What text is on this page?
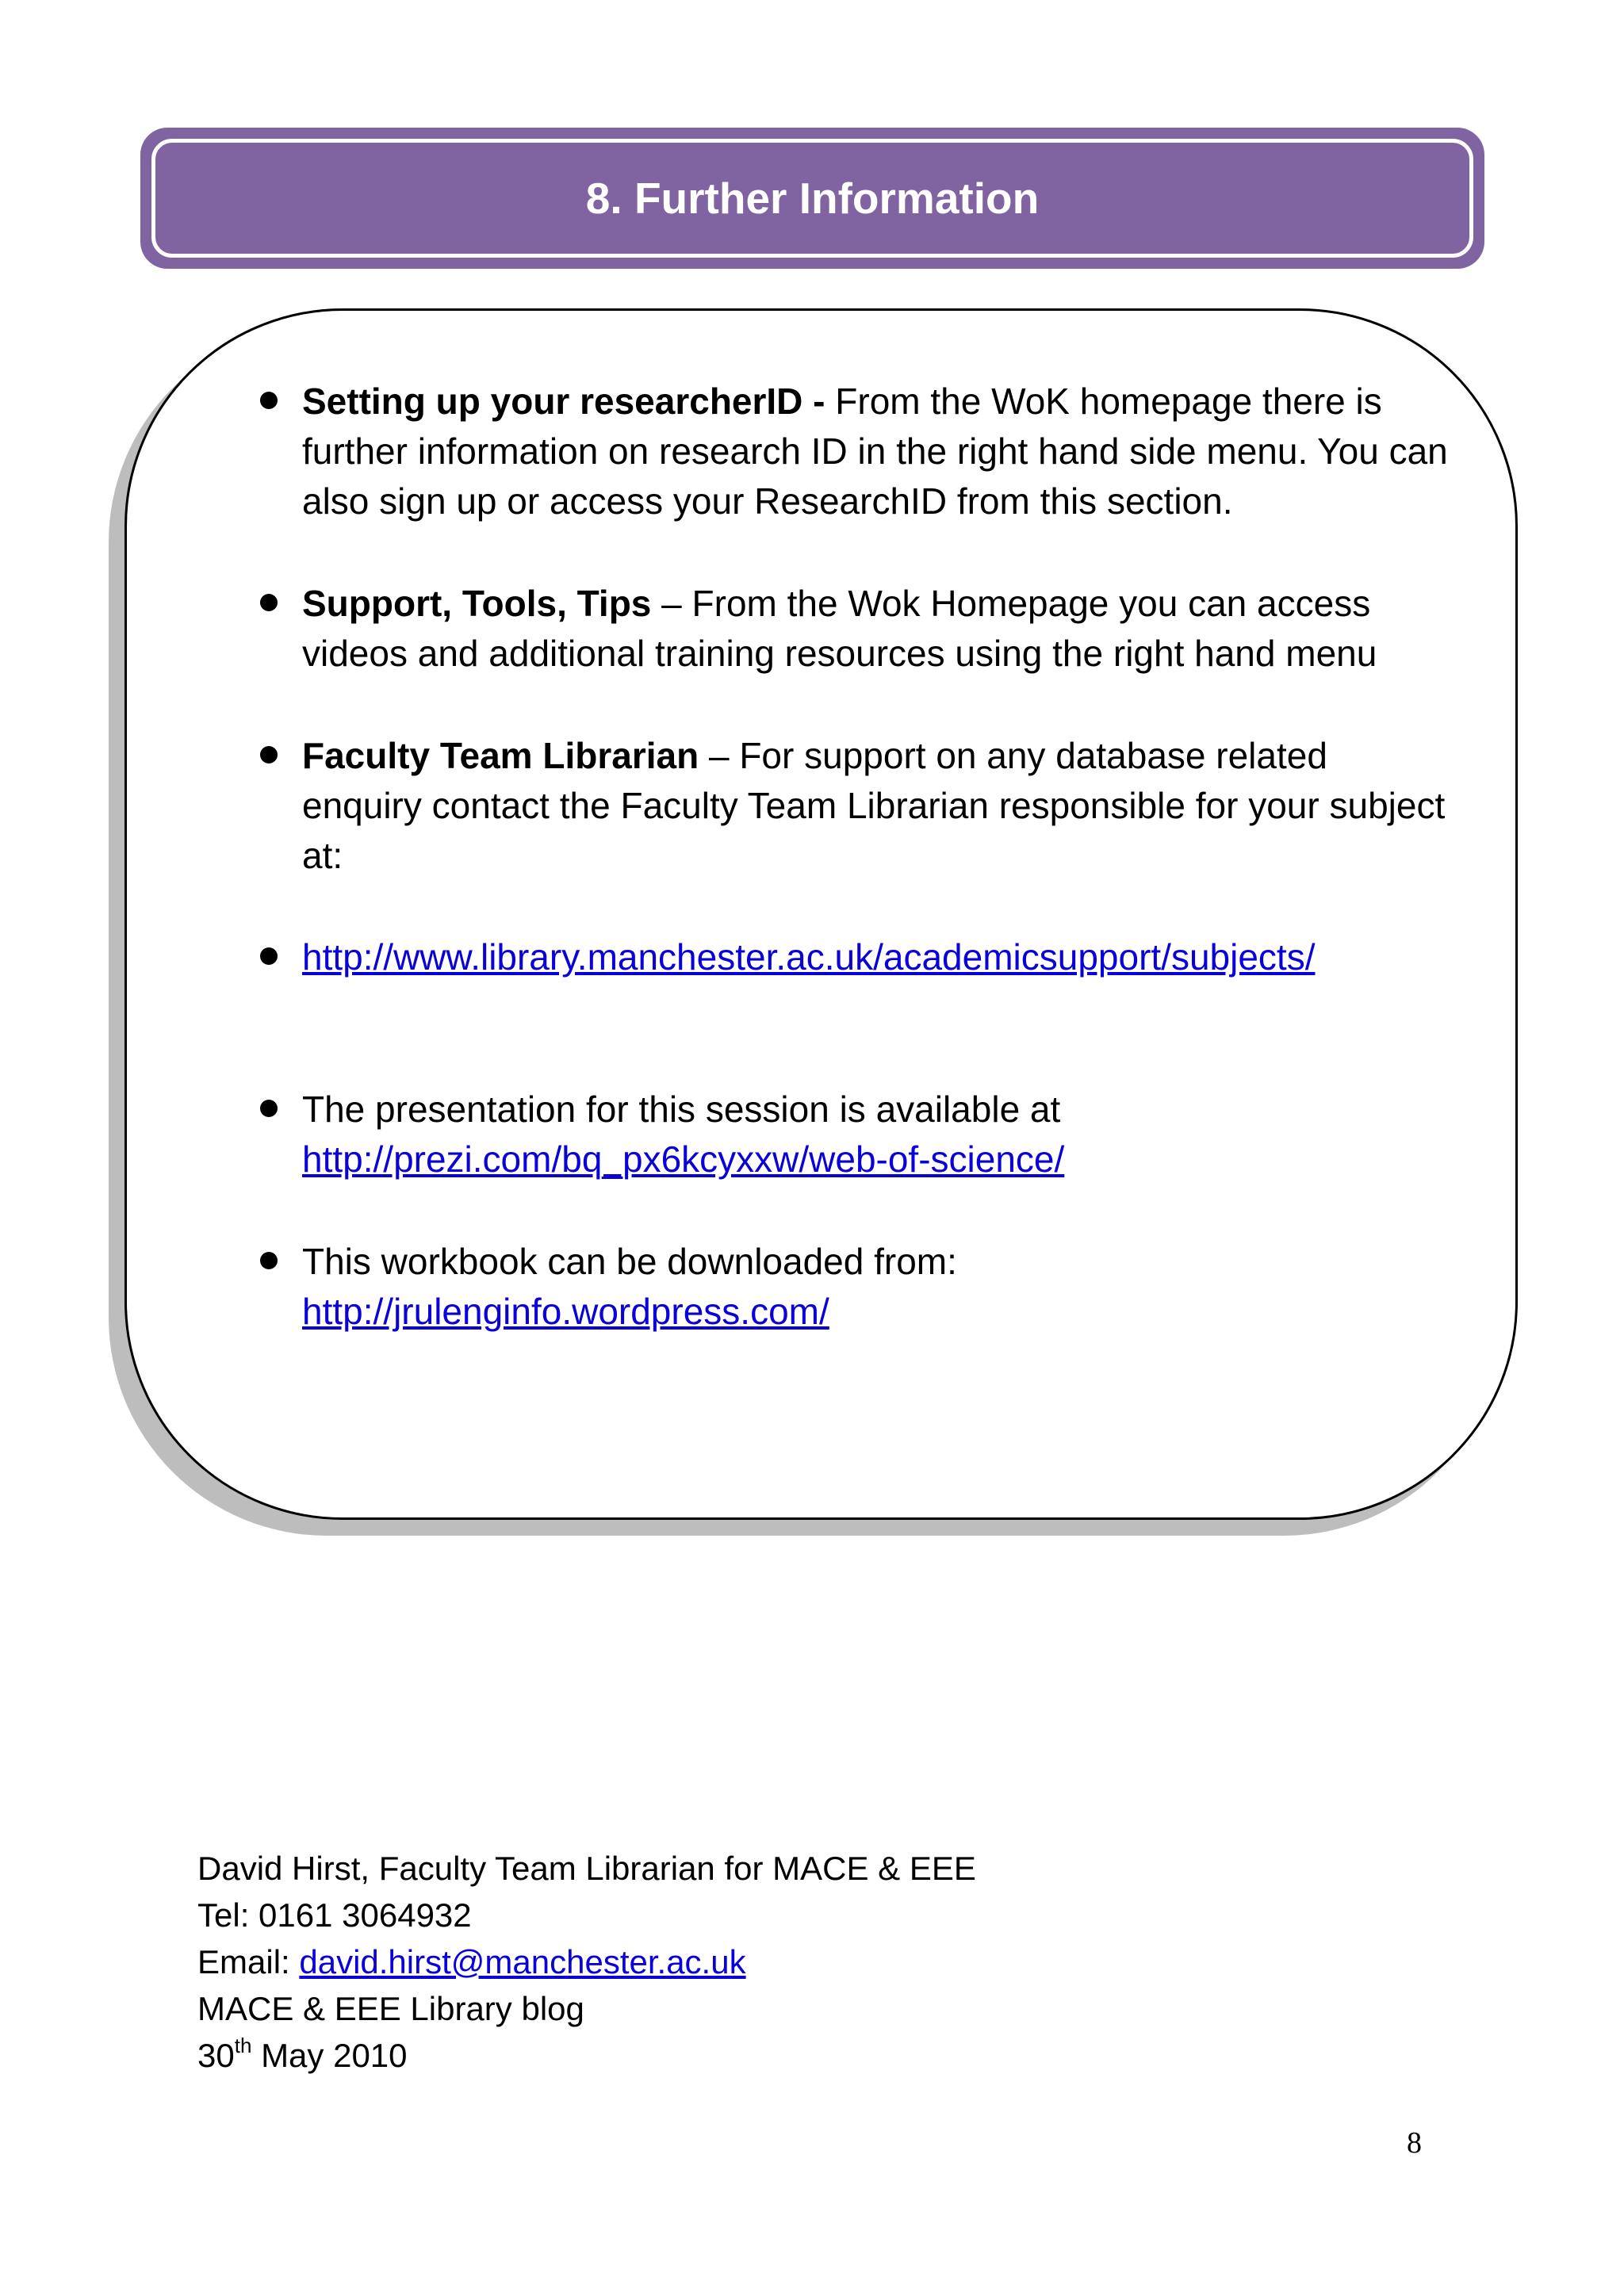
8. Further Information
Setting up your researcherID - From the WoK homepage there is further information on research ID in the right hand side menu. You can also sign up or access your ResearchID from this section.
Support, Tools, Tips – From the Wok Homepage you can access videos and additional training resources using the right hand menu
Faculty Team Librarian – For support on any database related enquiry contact the Faculty Team Librarian responsible for your subject at:
http://www.library.manchester.ac.uk/academicsupport/subjects/
The presentation for this session is available at
http://prezi.com/bq_px6kcyxxw/web-of-science/
This workbook can be downloaded from:
http://jrulenginfo.wordpress.com/
David Hirst, Faculty Team Librarian for MACE & EEE
Tel: 0161 3064932
Email: david.hirst@manchester.ac.uk
MACE & EEE Library blog
30th May 2010
8
